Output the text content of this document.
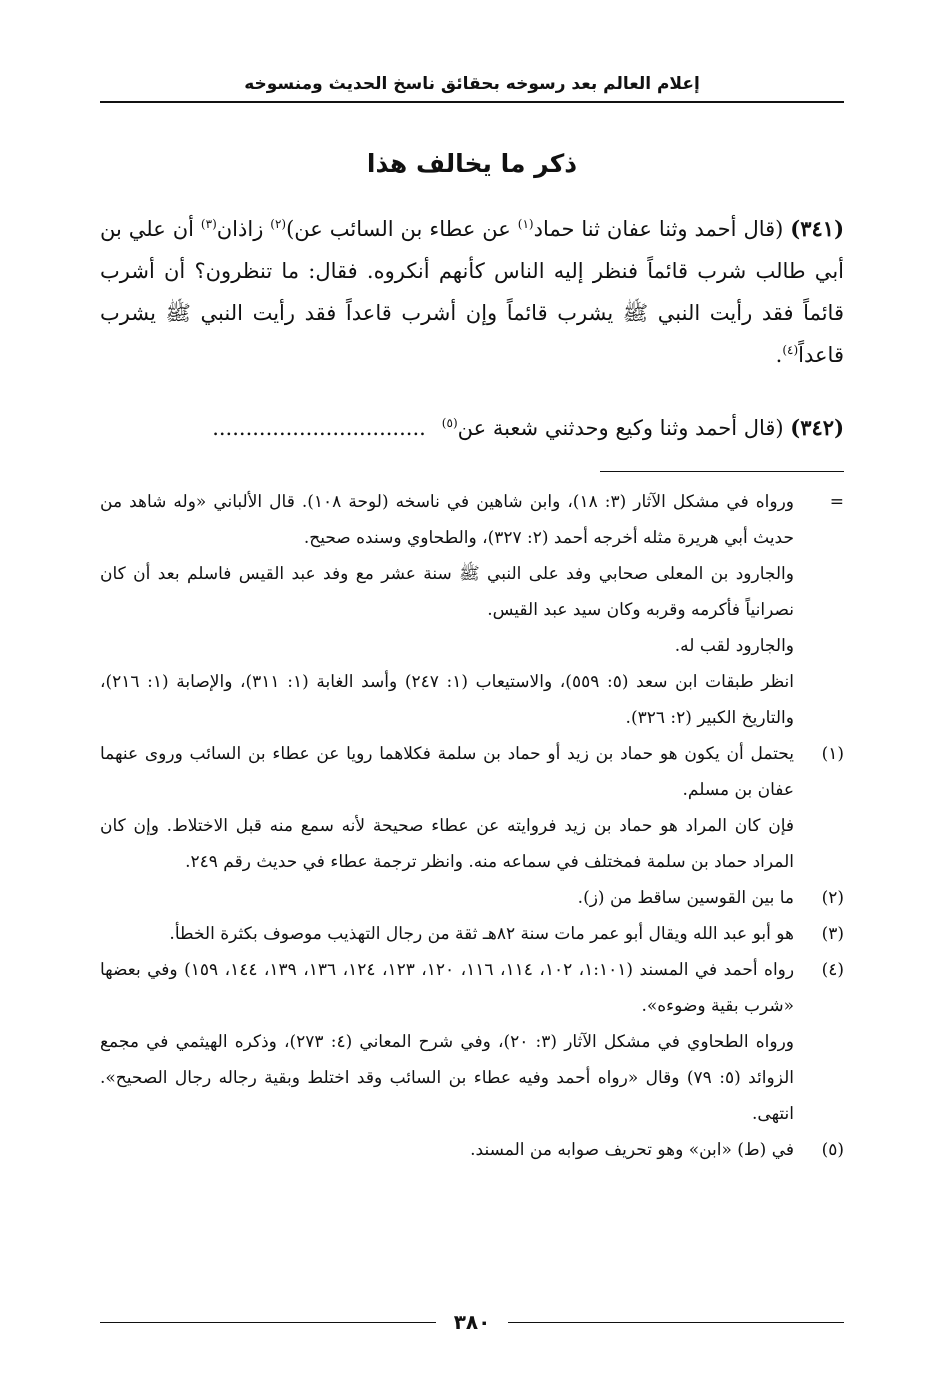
إعلام العالم بعد رسوخه بحقائق ناسخ الحديث ومنسوخه
ذكر ما يخالف هذا

(٣٤١) (قال أحمد وثنا عفان ثنا حماد$^{(١)}$ عن عطاء بن السائب عن)$^{(٢)}$ زاذان$^{(٣)}$ أن علي بن أبي طالب شرب قائماً فنظر إليه الناس كأنهم أنكروه. فقال: ما تنظرون؟ أن أشرب قائماً فقد رأيت النبي ﷺ يشرب قائماً وإن أشرب قاعداً فقد رأيت النبي ﷺ يشرب قاعداً$^{(٤)}$.

(٣٤٢) (قال أحمد وثنا وكيع وحدثني شعبة عن$^{(٥)}$................................

=

ورواه في مشكل الآثار (٣: ١٨)، وابن شاهين في ناسخه (لوحة ١٠٨). قال الألباني «وله شاهد من حديث أبي هريرة مثله أخرجه أحمد (٢: ٣٢٧)، والطحاوي وسنده صحيح.

والجارود بن المعلى صحابي وفد على النبي ﷺ سنة عشر مع وفد عبد القيس فاسلم بعد أن كان نصرانياً فأكرمه وقربه وكان سيد عبد القيس.

والجارود لقب له.

انظر طبقات ابن سعد (٥: ٥٥٩)، والاستيعاب (١: ٢٤٧) وأسد الغابة (١: ٣١١)، والإصابة (١: ٢١٦)، والتاريخ الكبير (٢: ٣٢٦).

(١)

يحتمل أن يكون هو حماد بن زيد أو حماد بن سلمة فكلاهما رويا عن عطاء بن السائب وروى عنهما عفان بن مسلم.

فإن كان المراد هو حماد بن زيد فروايته عن عطاء صحيحة لأنه سمع منه قبل الاختلاط. وإن كان المراد حماد بن سلمة فمختلف في سماعه منه. وانظر ترجمة عطاء في حديث رقم ٢٤٩.

(٢)

ما بين القوسين ساقط من (ز).

(٣)

هو أبو عبد الله ويقال أبو عمر مات سنة ٨٢هـ ثقة من رجال التهذيب موصوف بكثرة الخطأ.

(٤)

رواه أحمد في المسند (١:١٠١، ١٠٢، ١١٤، ١١٦، ١٢٠، ١٢٣، ١٢٤، ١٣٦، ١٣٩، ١٤٤، ١٥٩) وفي بعضها «شرب بقية وضوءه».

ورواه الطحاوي في مشكل الآثار (٣: ٢٠)، وفي شرح المعاني (٤: ٢٧٣)، وذكره الهيثمي في مجمع الزوائد (٥: ٧٩) وقال «رواه أحمد وفيه عطاء بن السائب وقد اختلط وبقية رجاله رجال الصحيح». انتهى.

(٥)

في (ط) «ابن» وهو تحريف صوابه من المسند.

٣٨٠
